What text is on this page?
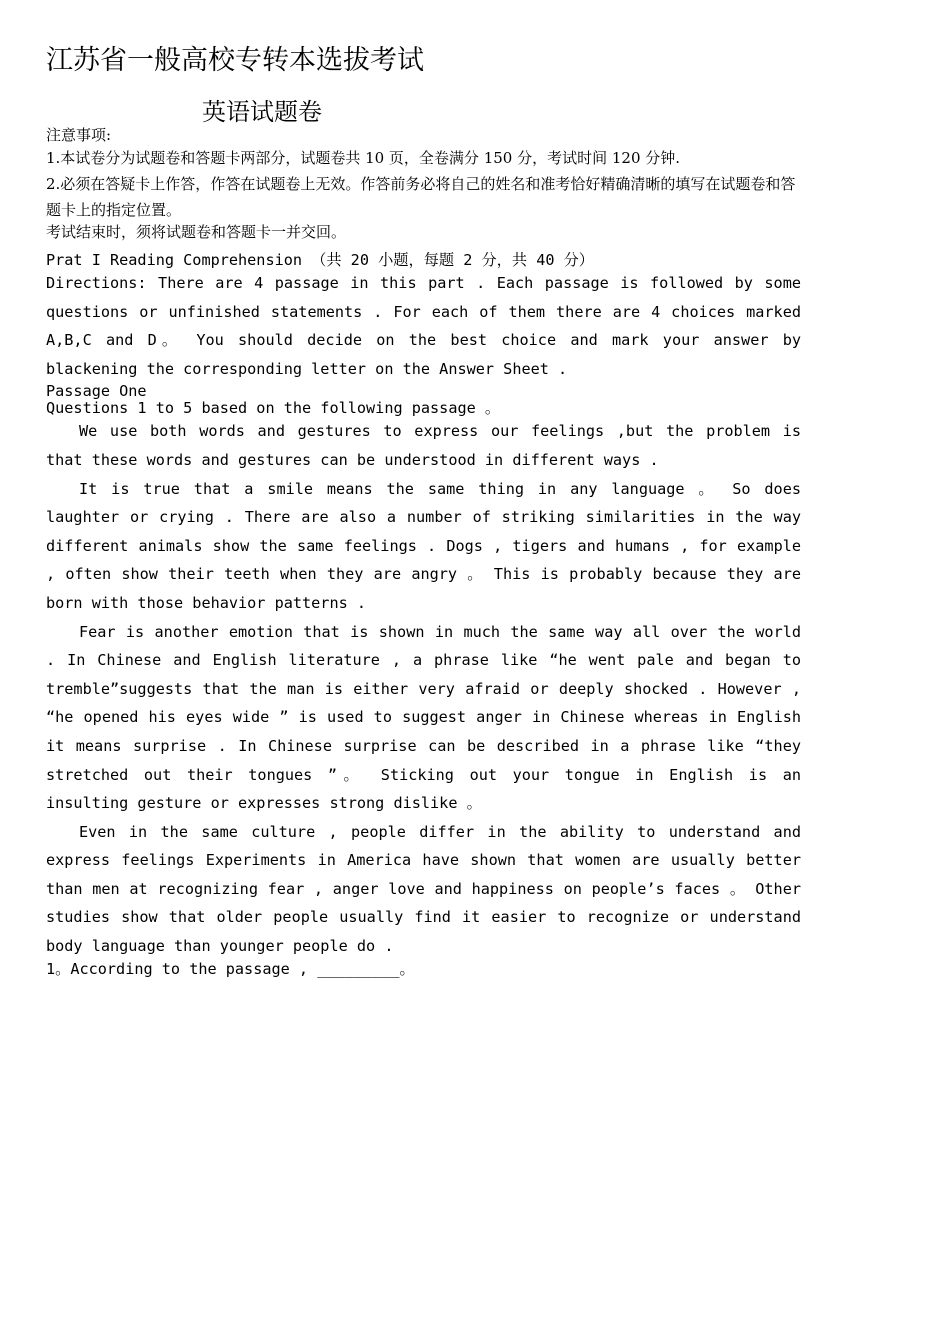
江苏省一般高校专转本选拔考试
英语试题卷
注意事项:
1.本试卷分为试题卷和答题卡两部分，试题卷共 10 页，全卷满分 150 分，考试时间 120 分钟.
2.必须在答疑卡上作答，作答在试题卷上无效。作答前务必将自己的姓名和准考恰好精确清晰的填写在试题卷和答题卡上的指定位置。
考试结束时，须将试题卷和答题卡一并交回。
Prat I Reading Comprehension （共 20 小题，每题 2 分，共 40 分）
Directions: There are 4 passage in this part . Each passage is followed by some questions or unfinished statements . For each of them there are 4 choices marked A,B,C and D。 You should decide on the best choice and mark your answer by blackening the corresponding letter on the Answer Sheet .
Passage One
Questions 1 to 5 based on the following passage 。
We use both words and gestures to express our feelings ,but the problem is that these words and gestures can be understood in different ways .
It is true that a smile means the same thing in any language 。 So does laughter or crying . There are also a number of striking similarities in the way different animals show the same feelings . Dogs , tigers and humans , for example , often show their teeth when they are angry 。 This is probably because they are born with those behavior patterns .
Fear is another emotion that is shown in much the same way all over the world . In Chinese and English literature , a phrase like “he went pale and began to tremble”suggests that the man is either very afraid or deeply shocked . However , “he opened his eyes wide ” is used to suggest anger in Chinese whereas in English it means surprise . In Chinese surprise can be described in a phrase like “they stretched out their tongues ”。 Sticking out your tongue in English is an insulting gesture or expresses strong dislike 。
Even in the same culture , people differ in the ability to understand and express feelings Experiments in America have shown that women are usually better than men at recognizing fear , anger love and happiness on people’s faces 。 Other studies show that older people usually find it easier to recognize or understand body language than younger people do .
1。According to the passage , _________。
